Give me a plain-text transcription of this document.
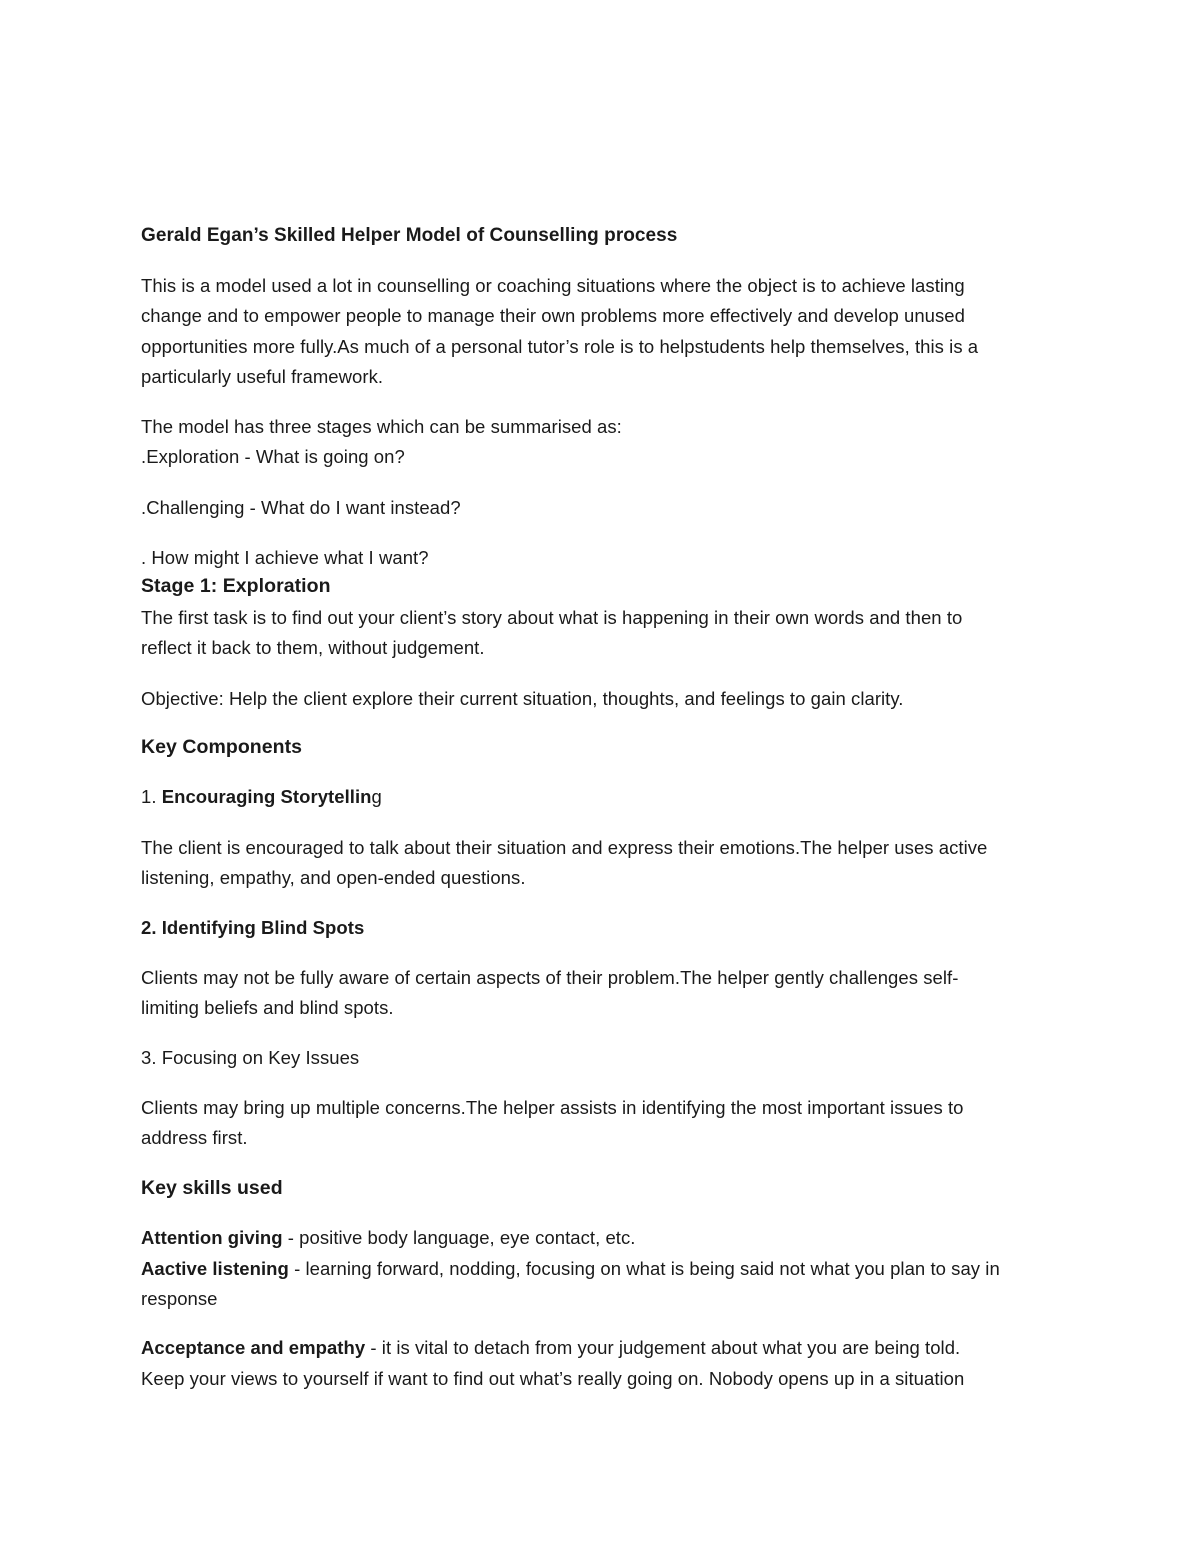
Gerald Egan’s Skilled Helper Model of Counselling process
This is a model used a lot in counselling or coaching situations where the object is to achieve lasting
change and to empower people to manage their own problems more effectively and develop unused
opportunities more fully.As much of a personal tutor’s role is to helpstudents help themselves, this is a
particularly useful framework.
The model has three stages which can be summarised as:
.Exploration - What is going on?
.Challenging - What do I want instead?
. How might I achieve what I want?
Stage 1: Exploration
The first task is to find out your client’s story about what is happening in their own words and then to
reflect it back to them, without judgement.
Objective: Help the client explore their current situation, thoughts, and feelings to gain clarity.
Key Components
1. Encouraging Storytelling
The client is encouraged to talk about their situation and express their emotions.The helper uses active
listening, empathy, and open-ended questions.
2. Identifying Blind Spots
Clients may not be fully aware of certain aspects of their problem.The helper gently challenges self-
limiting beliefs and blind spots.
3. Focusing on Key Issues
Clients may bring up multiple concerns.The helper assists in identifying the most important issues to
address first.
Key skills used
Attention giving - positive body language, eye contact, etc.
Aactive listening - learning forward, nodding, focusing on what is being said not what you plan to say in
response
Acceptance and empathy - it is vital to detach from your judgement about what you are being told.
Keep your views to yourself if want to find out what’s really going on. Nobody opens up in a situation
